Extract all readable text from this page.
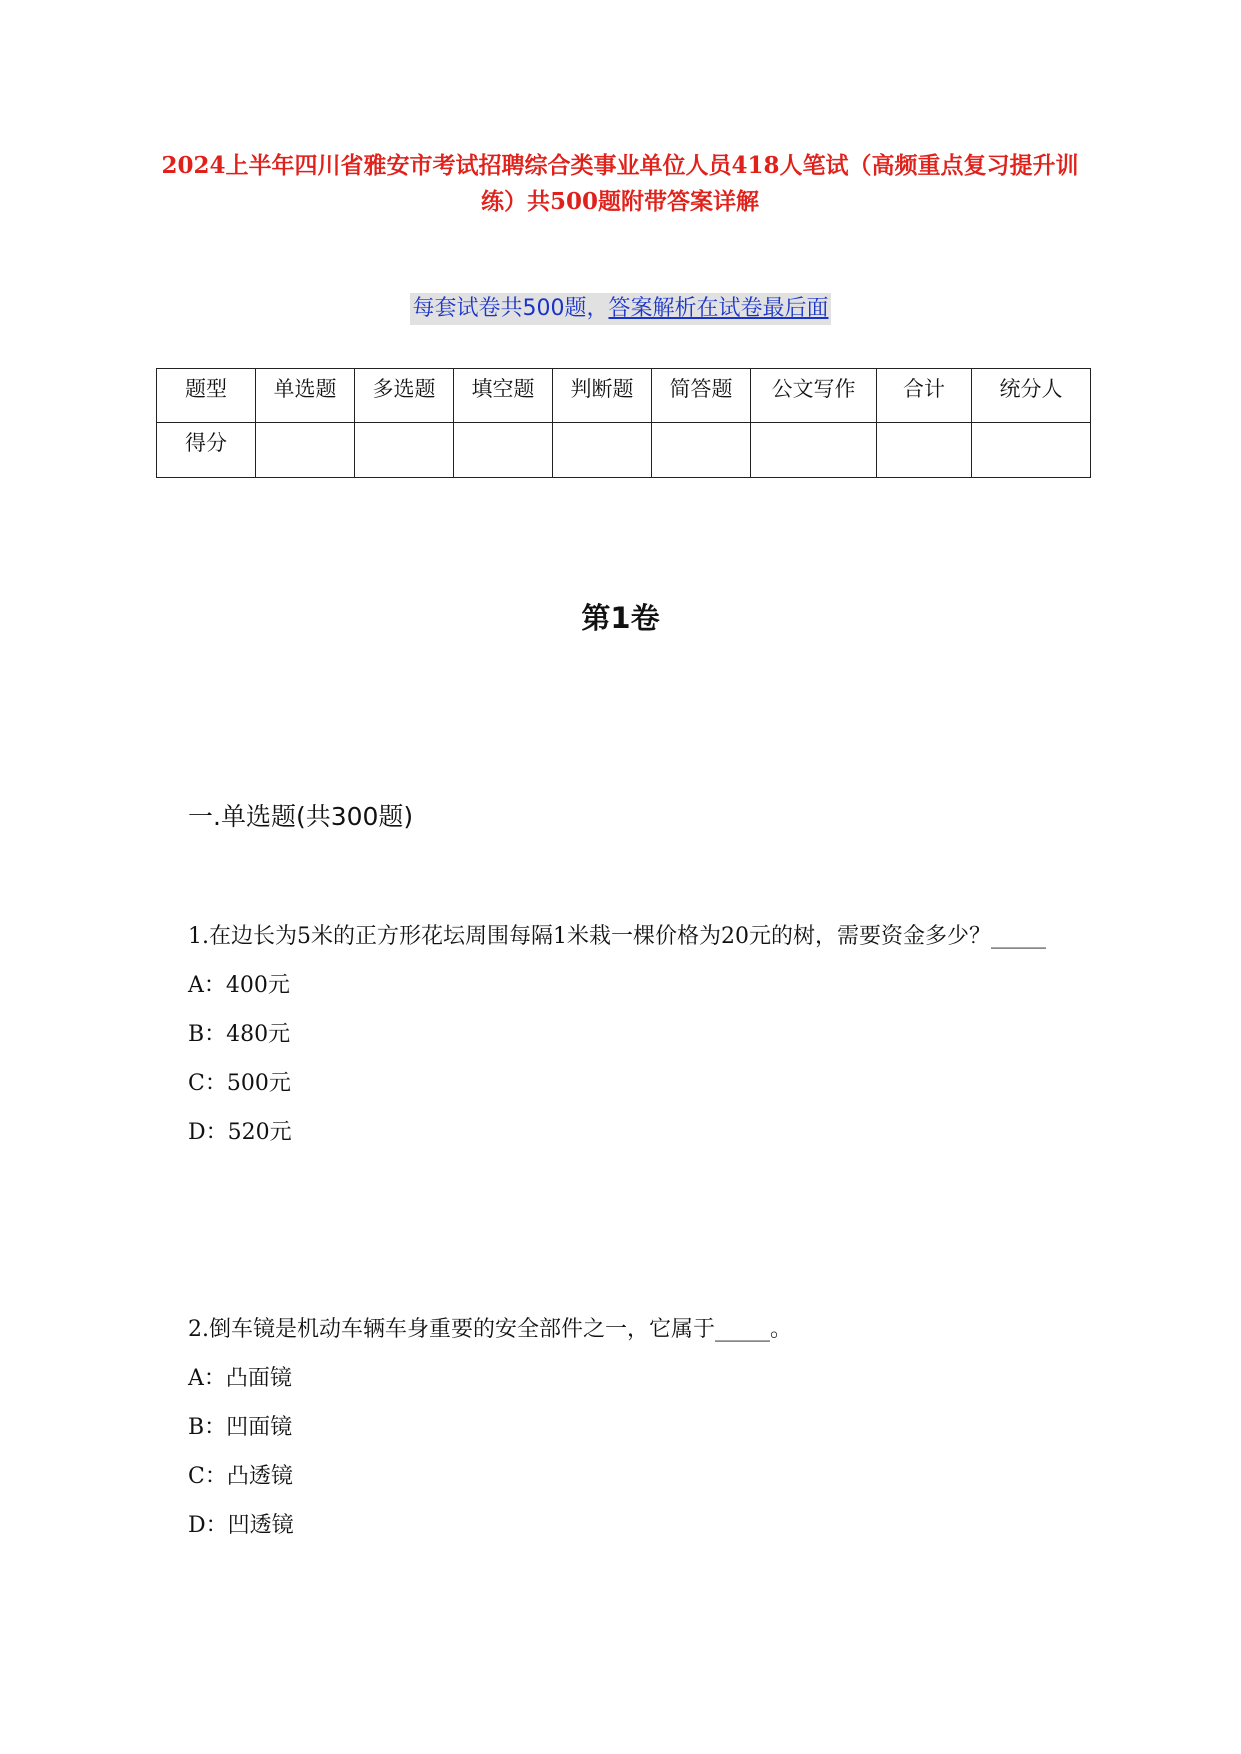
2024上半年四川省雅安市考试招聘综合类事业单位人员418人笔试（高频重点复习提升训练）共500题附带答案详解
每套试卷共500题，答案解析在试卷最后面
题型	单选题	多选题	填空题	判断题	简答题	公文写作	合计	统分人
得分								
第1卷
一.单选题(共300题)

1.在边长为5米的正方形花坛周围每隔1米栽一棵价格为20元的树，需要资金多少？_____

A：400元

B：480元

C：500元

D：520元

2.倒车镜是机动车辆车身重要的安全部件之一，它属于_____。

A：凸面镜

B：凹面镜

C：凸透镜

D：凹透镜
